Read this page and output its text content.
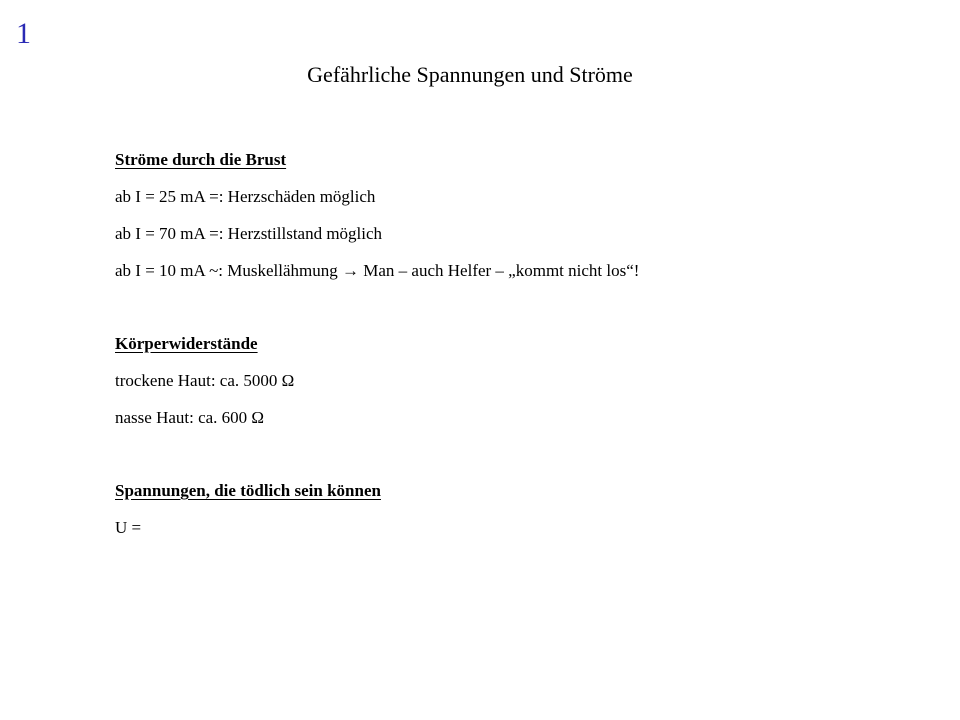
1
Gefährliche Spannungen und Ströme
Ströme durch die Brust
ab I = 25 mA =: Herzschäden möglich
ab I = 70 mA =: Herzstillstand möglich
ab I = 10 mA ~: Muskellähmung → Man – auch Helfer – „kommt nicht los“!
Körperwiderstände
trockene Haut: ca. 5000 Ω
nasse Haut: ca. 600 Ω
Spannungen, die tödlich sein können
U =
